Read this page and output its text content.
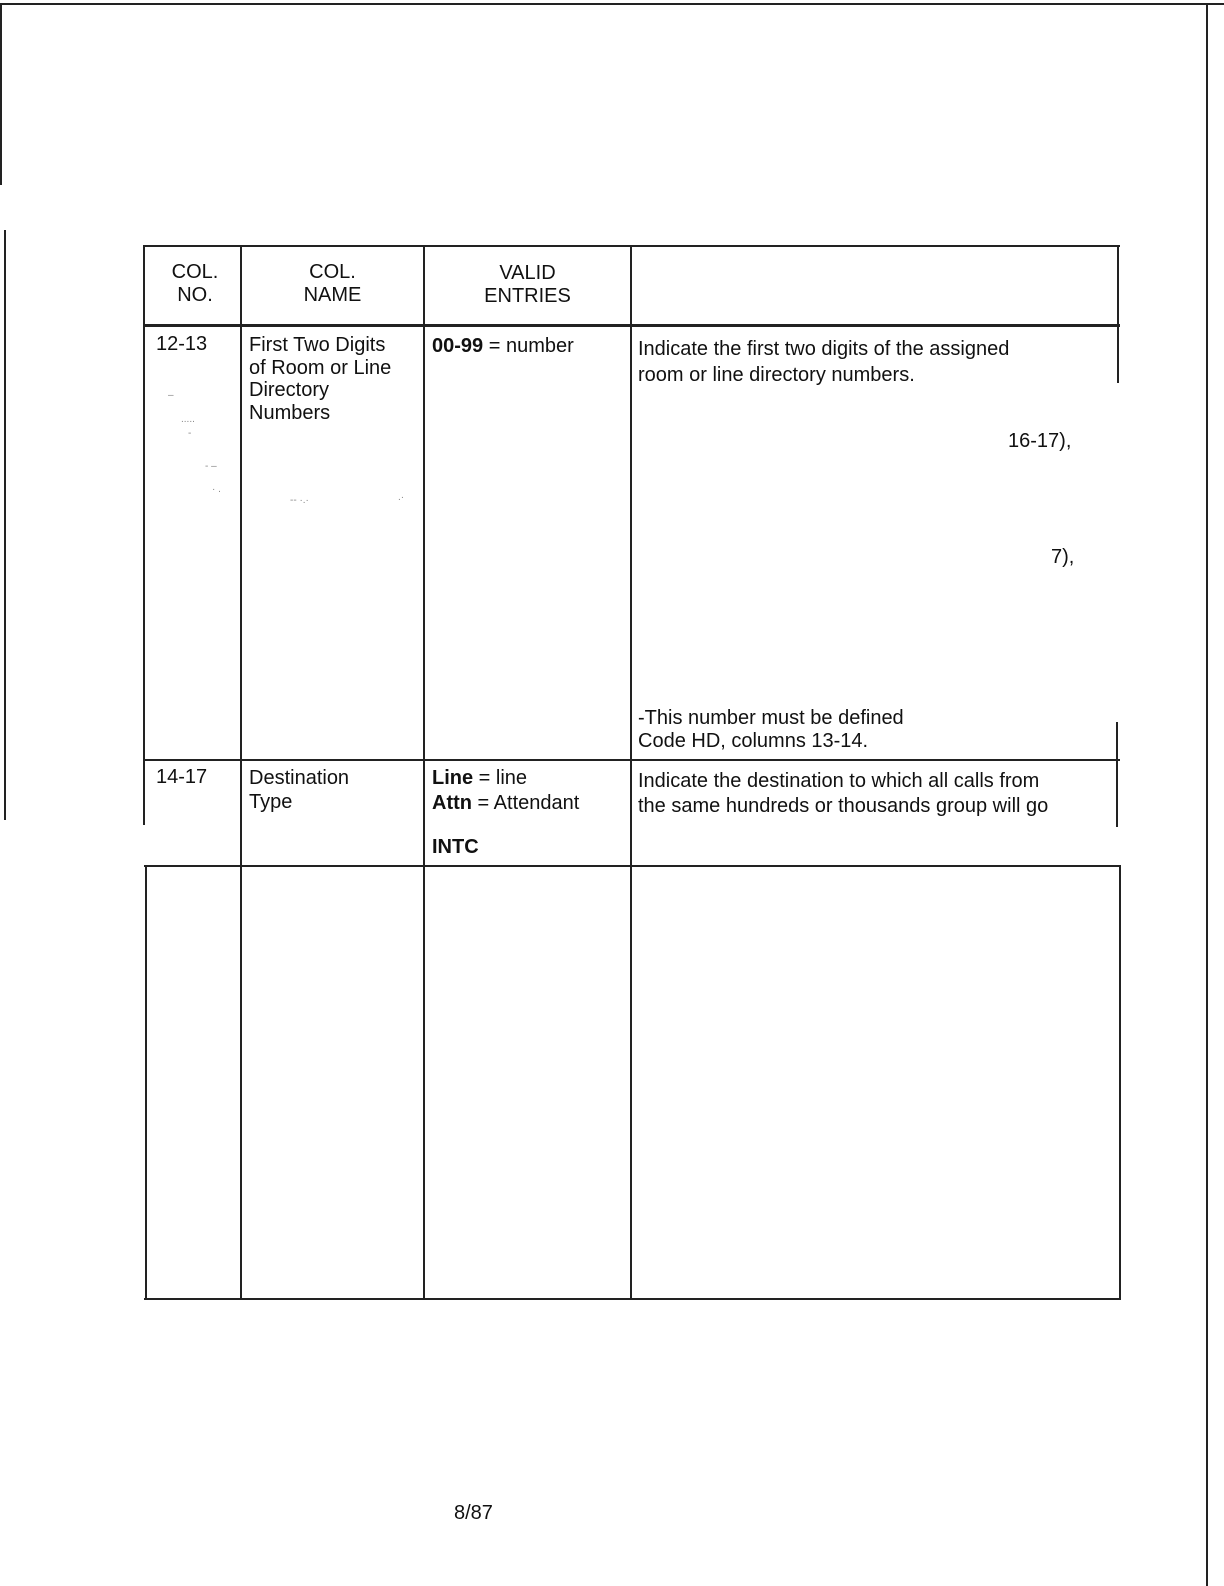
COL.
NO.
COL.
NAME
VALID
ENTRIES
12-13 First Two Digits
of Room or Line
Directory
Numbers
00-99 = number	Indicate the first two digits of the assigned
room or line directory numbers.
16-17),
7),
-This number must be defined
Code HD, columns 13-14.
–
.....
-
- –
· .
-- ·.·	.·
14-17 Destination
Type
Line = line
Attn = Attendant
INTC
Indicate the destination to which all calls from
the same hundreds or thousands group will go
8/87
